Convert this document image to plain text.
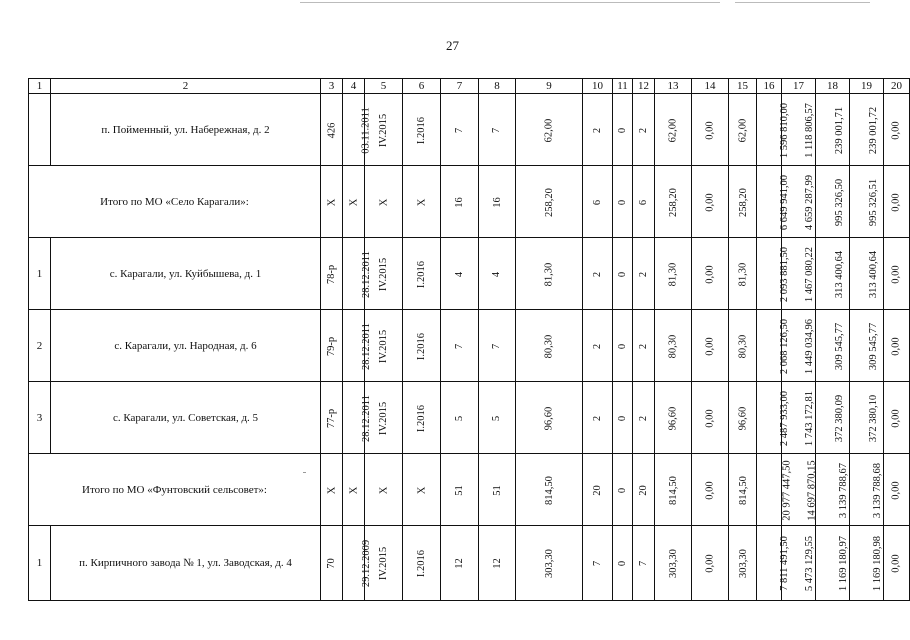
27
1	2	3	4	5	6	7	8	9	10	11	12	13	14	15	16	17	18	19	20
	п. Пойменный, ул. Набережная, д. 2	426	03.11.2011	IV.2015	I.2016	7	7	62,00	2	0	2	62,00	0,00	62,00	1 596 810,00	1 118 806,57	239 001,71	239 001,72	0,00
Итого по МО «Село Карагали»:		X	X	X	X	16	16	258,20	6	0	6	258,20	0,00	258,20	6 649 941,00	4 659 287,99	995 326,50	995 326,51	0,00
1	с. Карагали, ул. Куйбышева, д. 1	78-р	28.12.2011	IV.2015	I.2016	4	4	81,30	2	0	2	81,30	0,00	81,30	2 093 881,50	1 467 080,22	313 400,64	313 400,64	0,00
2	с. Карагали, ул. Народная, д. 6	79-р	28.12.2011	IV.2015	I.2016	7	7	80,30	2	0	2	80,30	0,00	80,30	2 068 126,50	1 449 034,96	309 545,77	309 545,77	0,00
3	с. Карагали, ул. Советская, д. 5	77-р	28.12.2011	IV.2015	I.2016	5	5	96,60	2	0	2	96,60	0,00	96,60	2 487 933,00	1 743 172,81	372 380,09	372 380,10	0,00
Итого по МО «Фунтовский сельсовет»:		X	X	X	X	51	51	814,50	20	0	20	814,50	0,00	814,50	20 977 447,50	14 697 870,15	3 139 788,67	3 139 788,68	0,00
1	п. Кирпичного завода № 1, ул. Заводская, д. 4	70	29.12.2009	IV.2015	I.2016	12	12	303,30	7	0	7	303,30	0,00	303,30	7 811 491,50	5 473 129,55	1 169 180,97	1 169 180,98	0,00
